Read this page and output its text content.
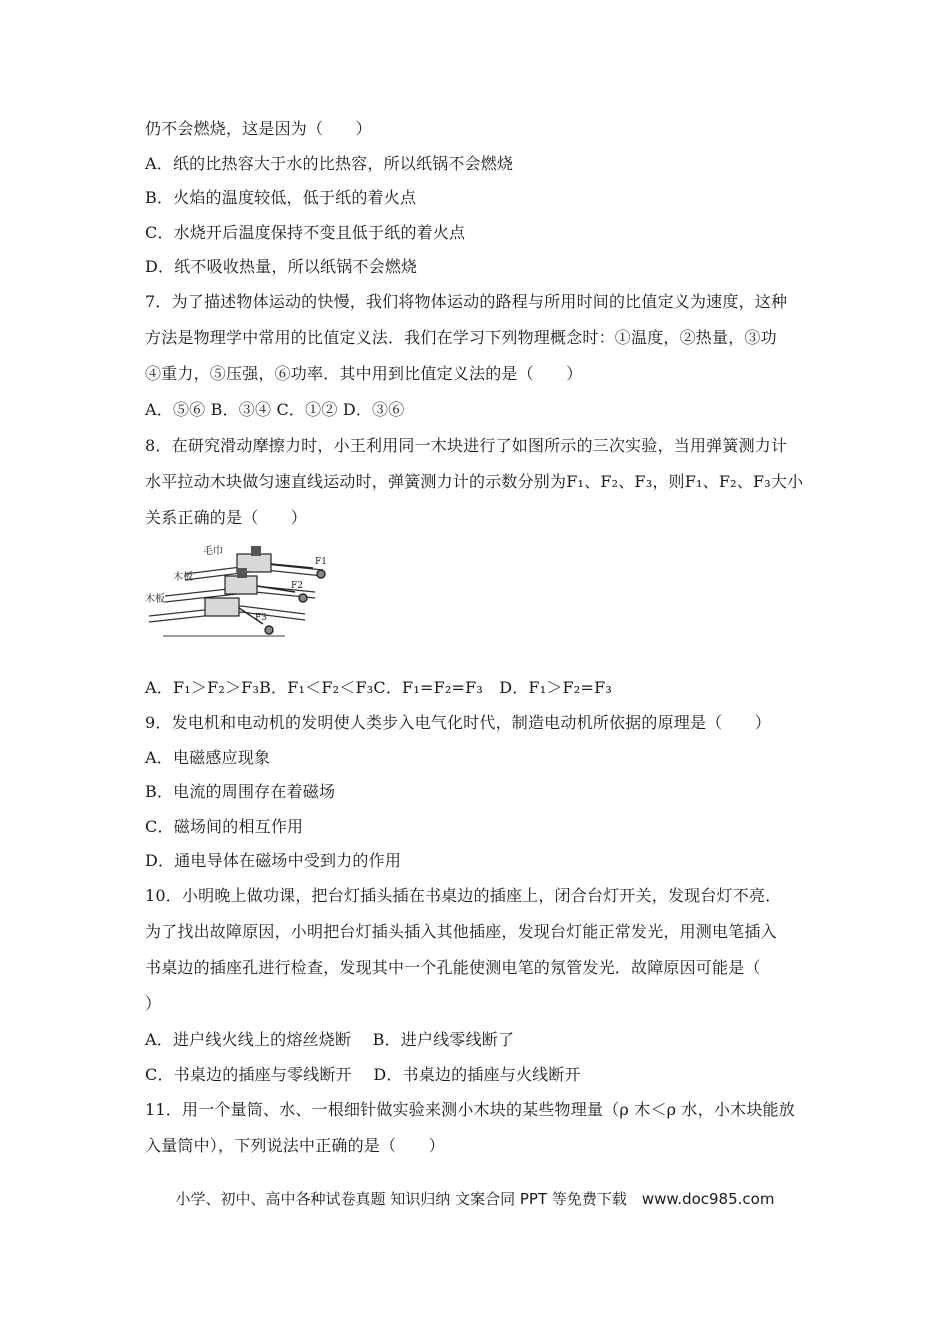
仍不会燃烧，这是因为（　　）
A．纸的比热容大于水的比热容，所以纸锅不会燃烧
B．火焰的温度较低，低于纸的着火点
C．水烧开后温度保持不变且低于纸的着火点
D．纸不吸收热量，所以纸锅不会燃烧
7．为了描述物体运动的快慢，我们将物体运动的路程与所用时间的比值定义为速度，这种
方法是物理学中常用的比值定义法．我们在学习下列物理概念时：①温度，②热量，③功
④重力，⑤压强，⑥功率．其中用到比值定义法的是（　　）
A．⑤⑥ B．③④ C．①② D．③⑥
8．在研究滑动摩擦力时，小王利用同一木块进行了如图所示的三次实验，当用弹簧测力计
水平拉动木块做匀速直线运动时，弹簧测力计的示数分别为F₁、F₂、F₃，则F₁、F₂、F₃大小
关系正确的是（　　）
毛巾
木板
木板
F1
F2
F3
A．F₁＞F₂＞F₃B．F₁＜F₂＜F₃C．F₁=F₂=F₃　D．F₁＞F₂=F₃
9．发电机和电动机的发明使人类步入电气化时代，制造电动机所依据的原理是（　　）
A．电磁感应现象
B．电流的周围存在着磁场
C．磁场间的相互作用
D．通电导体在磁场中受到力的作用
10．小明晚上做功课，把台灯插头插在书桌边的插座上，闭合台灯开关，发现台灯不亮．
为了找出故障原因，小明把台灯插头插入其他插座，发现台灯能正常发光，用测电笔插入
书桌边的插座孔进行检查，发现其中一个孔能使测电笔的氖管发光．故障原因可能是（
）
A．进户线火线上的熔丝烧断　 B．进户线零线断了
C．书桌边的插座与零线断开　 D．书桌边的插座与火线断开
11．用一个量筒、水、一根细针做实验来测小木块的某些物理量（ρ 木＜ρ 水，小木块能放
入量筒中），下列说法中正确的是（　　）
小学、初中、高中各种试卷真题 知识归纳 文案合同 PPT 等免费下载　www.doc985.com
